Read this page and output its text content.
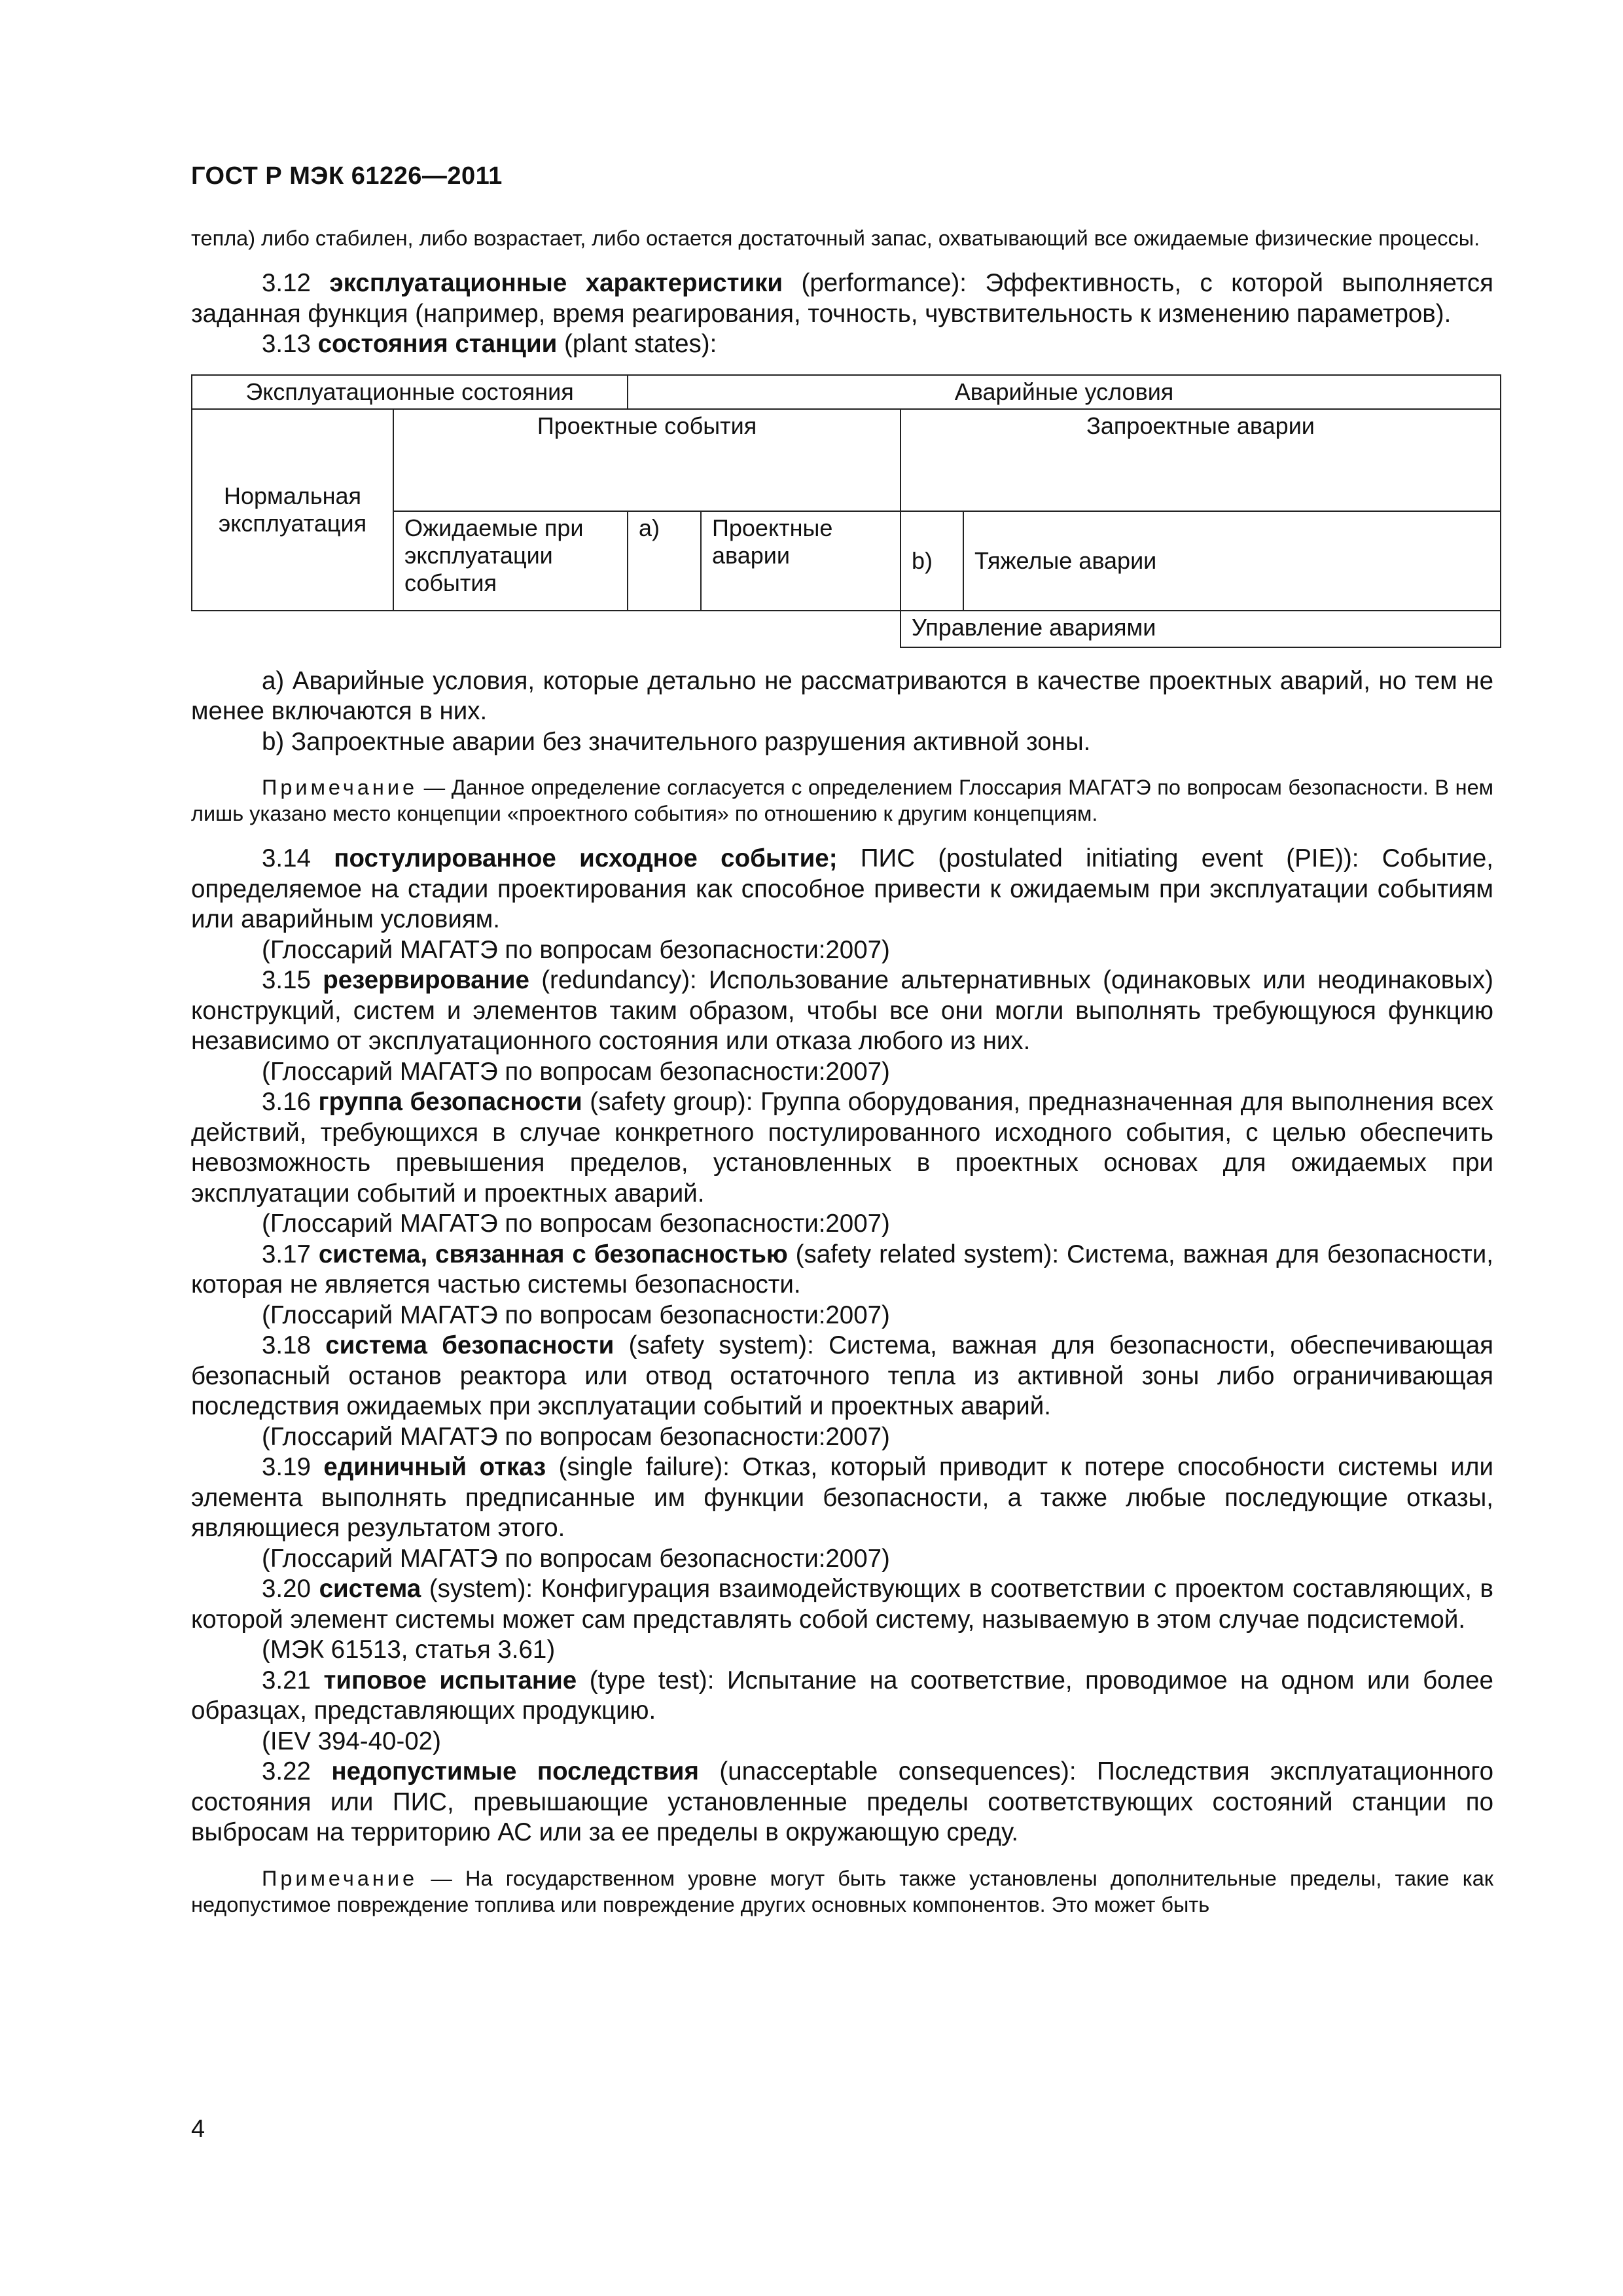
ГОСТ Р МЭК 61226—2011

тепла) либо стабилен, либо возрастает, либо остается достаточный запас, охватывающий все ожидаемые физические процессы.

3.12 эксплуатационные характеристики (performance): Эффективность, с которой выполняется заданная функция (например, время реагирования, точность, чувствительность к изменению параметров).

3.13 состояния станции (plant states):

Эксплуатационные состояния		Аварийные условия			
Нормальная эксплуатация	Проектные события			Запроектные аварии	
	Ожидаемые при эксплуатации события	a)	Проектные аварии	b)	Тяжелые аварии
				Управление авариями	

a) Аварийные условия, которые детально не рассматриваются в качестве проектных аварий, но тем не менее включаются в них.

b) Запроектные аварии без значительного разрушения активной зоны.

Примечание — Данное определение согласуется с определением Глоссария МАГАТЭ по вопросам безопасности. В нем лишь указано место концепции «проектного события» по отношению к другим концепциям.

3.14 постулированное исходное событие; ПИС (postulated initiating event (PIE)): Событие, определяемое на стадии проектирования как способное привести к ожидаемым при эксплуатации событиям или аварийным условиям.

(Глоссарий МАГАТЭ по вопросам безопасности:2007)

3.15 резервирование (redundancy): Использование альтернативных (одинаковых или неодинаковых) конструкций, систем и элементов таким образом, чтобы все они могли выполнять требующуюся функцию независимо от эксплуатационного состояния или отказа любого из них.

(Глоссарий МАГАТЭ по вопросам безопасности:2007)

3.16 группа безопасности (safety group): Группа оборудования, предназначенная для выполнения всех действий, требующихся в случае конкретного постулированного исходного события, с целью обеспечить невозможность превышения пределов, установленных в проектных основах для ожидаемых при эксплуатации событий и проектных аварий.

(Глоссарий МАГАТЭ по вопросам безопасности:2007)

3.17 система, связанная с безопасностью (safety related system): Система, важная для безопасности, которая не является частью системы безопасности.

(Глоссарий МАГАТЭ по вопросам безопасности:2007)

3.18 система безопасности (safety system): Система, важная для безопасности, обеспечивающая безопасный останов реактора или отвод остаточного тепла из активной зоны либо ограничивающая последствия ожидаемых при эксплуатации событий и проектных аварий.

(Глоссарий МАГАТЭ по вопросам безопасности:2007)

3.19 единичный отказ (single failure): Отказ, который приводит к потере способности системы или элемента выполнять предписанные им функции безопасности, а также любые последующие отказы, являющиеся результатом этого.

(Глоссарий МАГАТЭ по вопросам безопасности:2007)

3.20 система (system): Конфигурация взаимодействующих в соответствии с проектом составляющих, в которой элемент системы может сам представлять собой систему, называемую в этом случае подсистемой.

(МЭК 61513, статья 3.61)

3.21 типовое испытание (type test): Испытание на соответствие, проводимое на одном или более образцах, представляющих продукцию.

(IEV 394-40-02)

3.22 недопустимые последствия (unacceptable consequences): Последствия эксплуатационного состояния или ПИС, превышающие установленные пределы соответствующих состояний станции по выбросам на территорию АС или за ее пределы в окружающую среду.

Примечание — На государственном уровне могут быть также установлены дополнительные пределы, такие как недопустимое повреждение топлива или повреждение других основных компонентов. Это может быть

4
